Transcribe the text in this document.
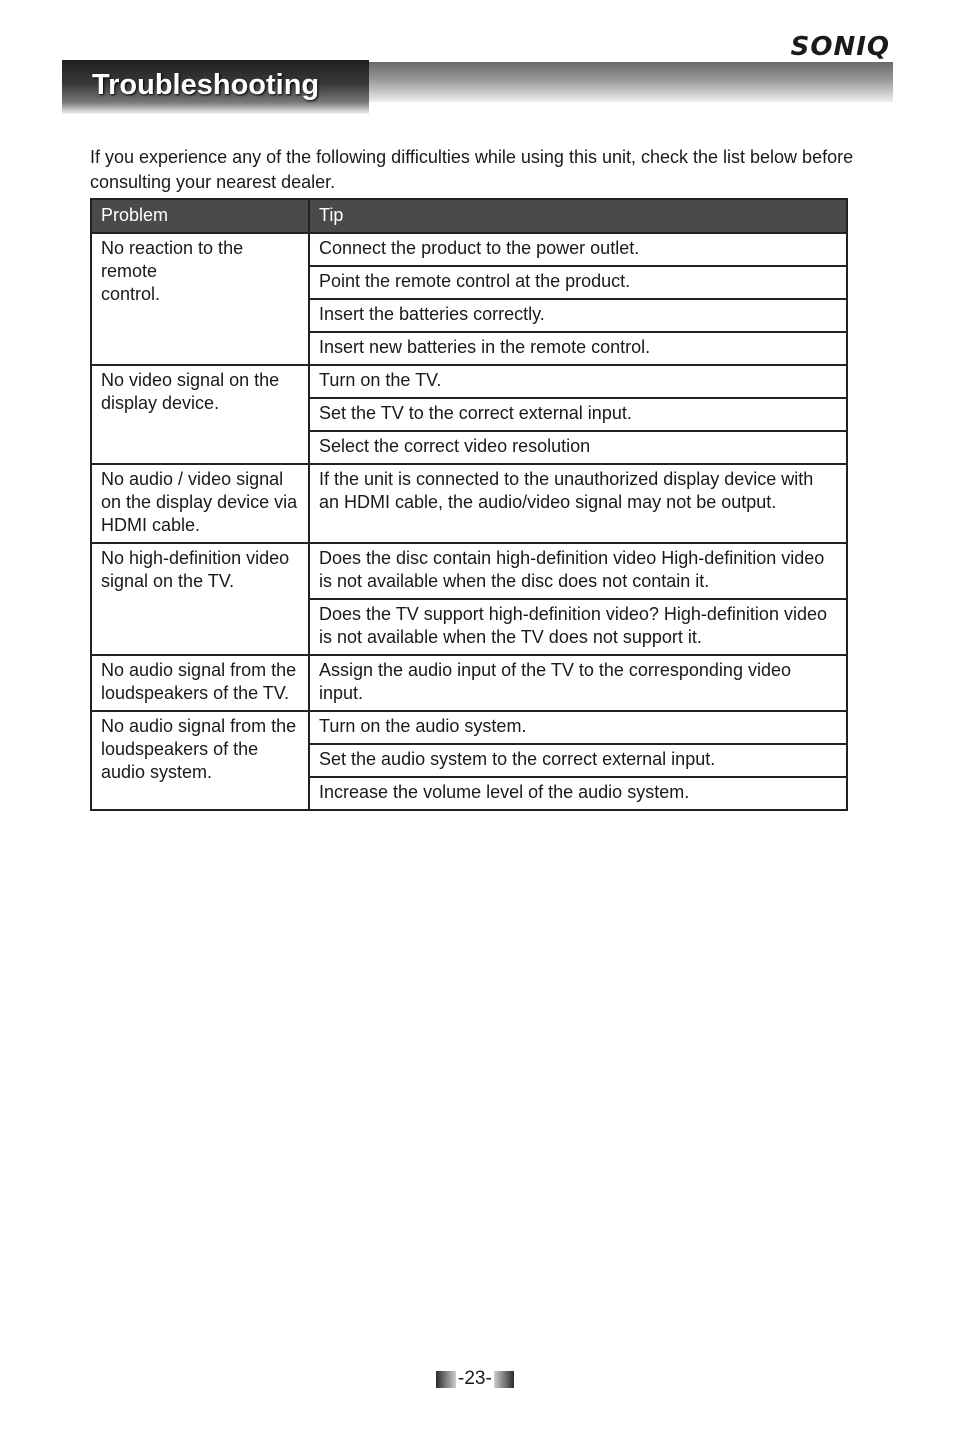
SONIQ
Troubleshooting

If you experience any of the following difficulties while using this unit, check the list below before consulting your nearest dealer.

Problem	Tip
No reaction to the
remote
control.	Connect the product to the power outlet.
	Point the remote control at the product.
	Insert the batteries correctly.
	Insert new batteries in the remote control.
No video signal on the display device.	Turn on the TV.
	Set the TV to the correct external input.
	Select the correct video resolution
No audio / video signal on the display device via HDMI cable.	If the unit is connected to the unauthorized display device with an HDMI cable, the audio/video signal may not be output.
No high-definition video signal on the TV.	Does the disc contain high-definition video High-definition video is not available when the disc does not contain it.
	Does the TV support high-definition video? High-definition video is not available when the TV does not support it.
No audio signal from the loudspeakers of the TV.	Assign the audio input of the TV to the corresponding video input.
No audio signal from the loudspeakers of the audio system.	Turn on the audio system.
	Set the audio system to the correct external input.
	Increase the volume level of the audio system.
-23-
